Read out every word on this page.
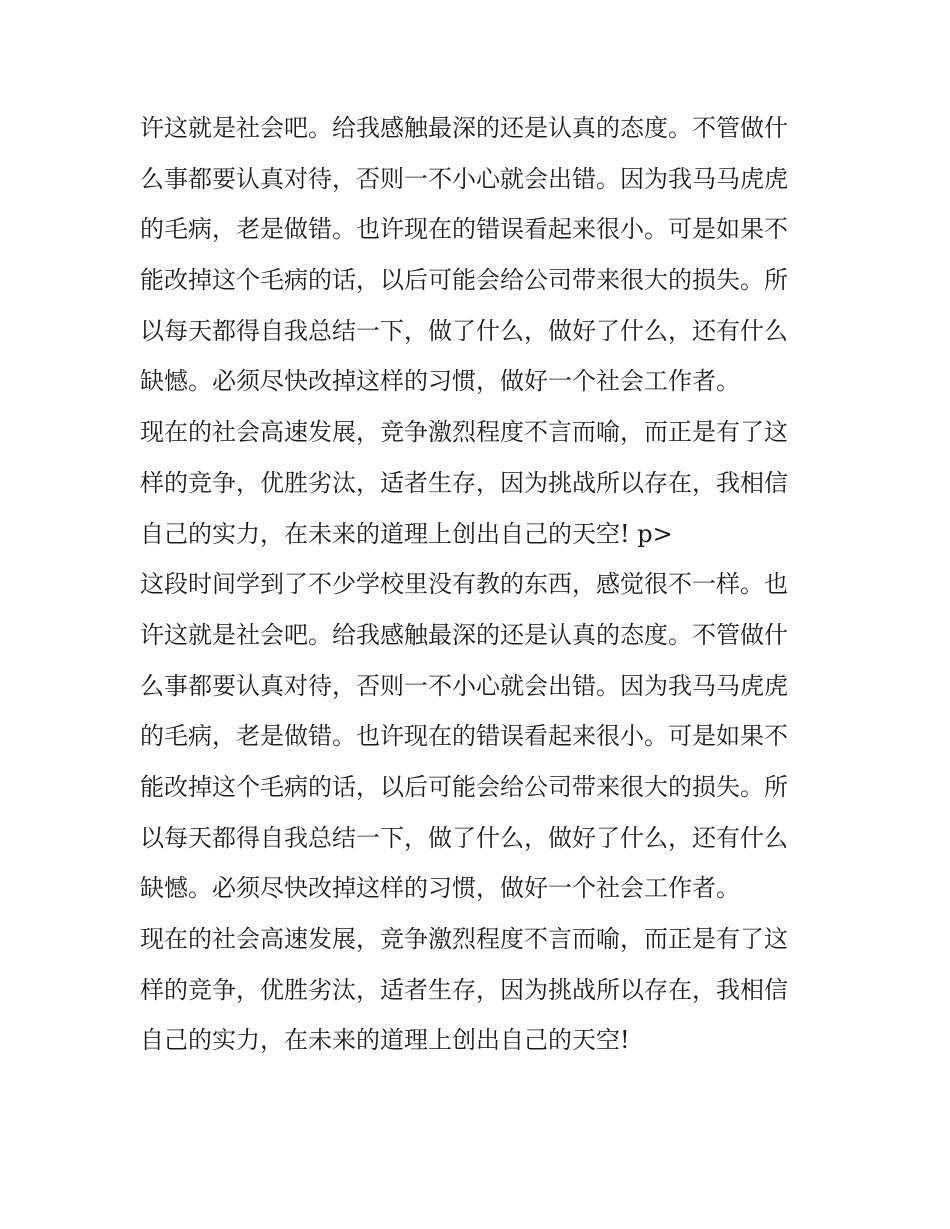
许这就是社会吧。给我感触最深的还是认真的态度。不管做什
么事都要认真对待，否则一不小心就会出错。因为我马马虎虎
的毛病，老是做错。也许现在的错误看起来很小。可是如果不
能改掉这个毛病的话，以后可能会给公司带来很大的损失。所
以每天都得自我总结一下，做了什么，做好了什么，还有什么
缺憾。必须尽快改掉这样的习惯，做好一个社会工作者。
现在的社会高速发展，竞争激烈程度不言而喻，而正是有了这
样的竞争，优胜劣汰，适者生存，因为挑战所以存在，我相信
自己的实力，在未来的道理上创出自己的天空! p>
这段时间学到了不少学校里没有教的东西，感觉很不一样。也
许这就是社会吧。给我感触最深的还是认真的态度。不管做什
么事都要认真对待，否则一不小心就会出错。因为我马马虎虎
的毛病，老是做错。也许现在的错误看起来很小。可是如果不
能改掉这个毛病的话，以后可能会给公司带来很大的损失。所
以每天都得自我总结一下，做了什么，做好了什么，还有什么
缺憾。必须尽快改掉这样的习惯，做好一个社会工作者。
现在的社会高速发展，竞争激烈程度不言而喻，而正是有了这
样的竞争，优胜劣汰，适者生存，因为挑战所以存在，我相信
自己的实力，在未来的道理上创出自己的天空!
